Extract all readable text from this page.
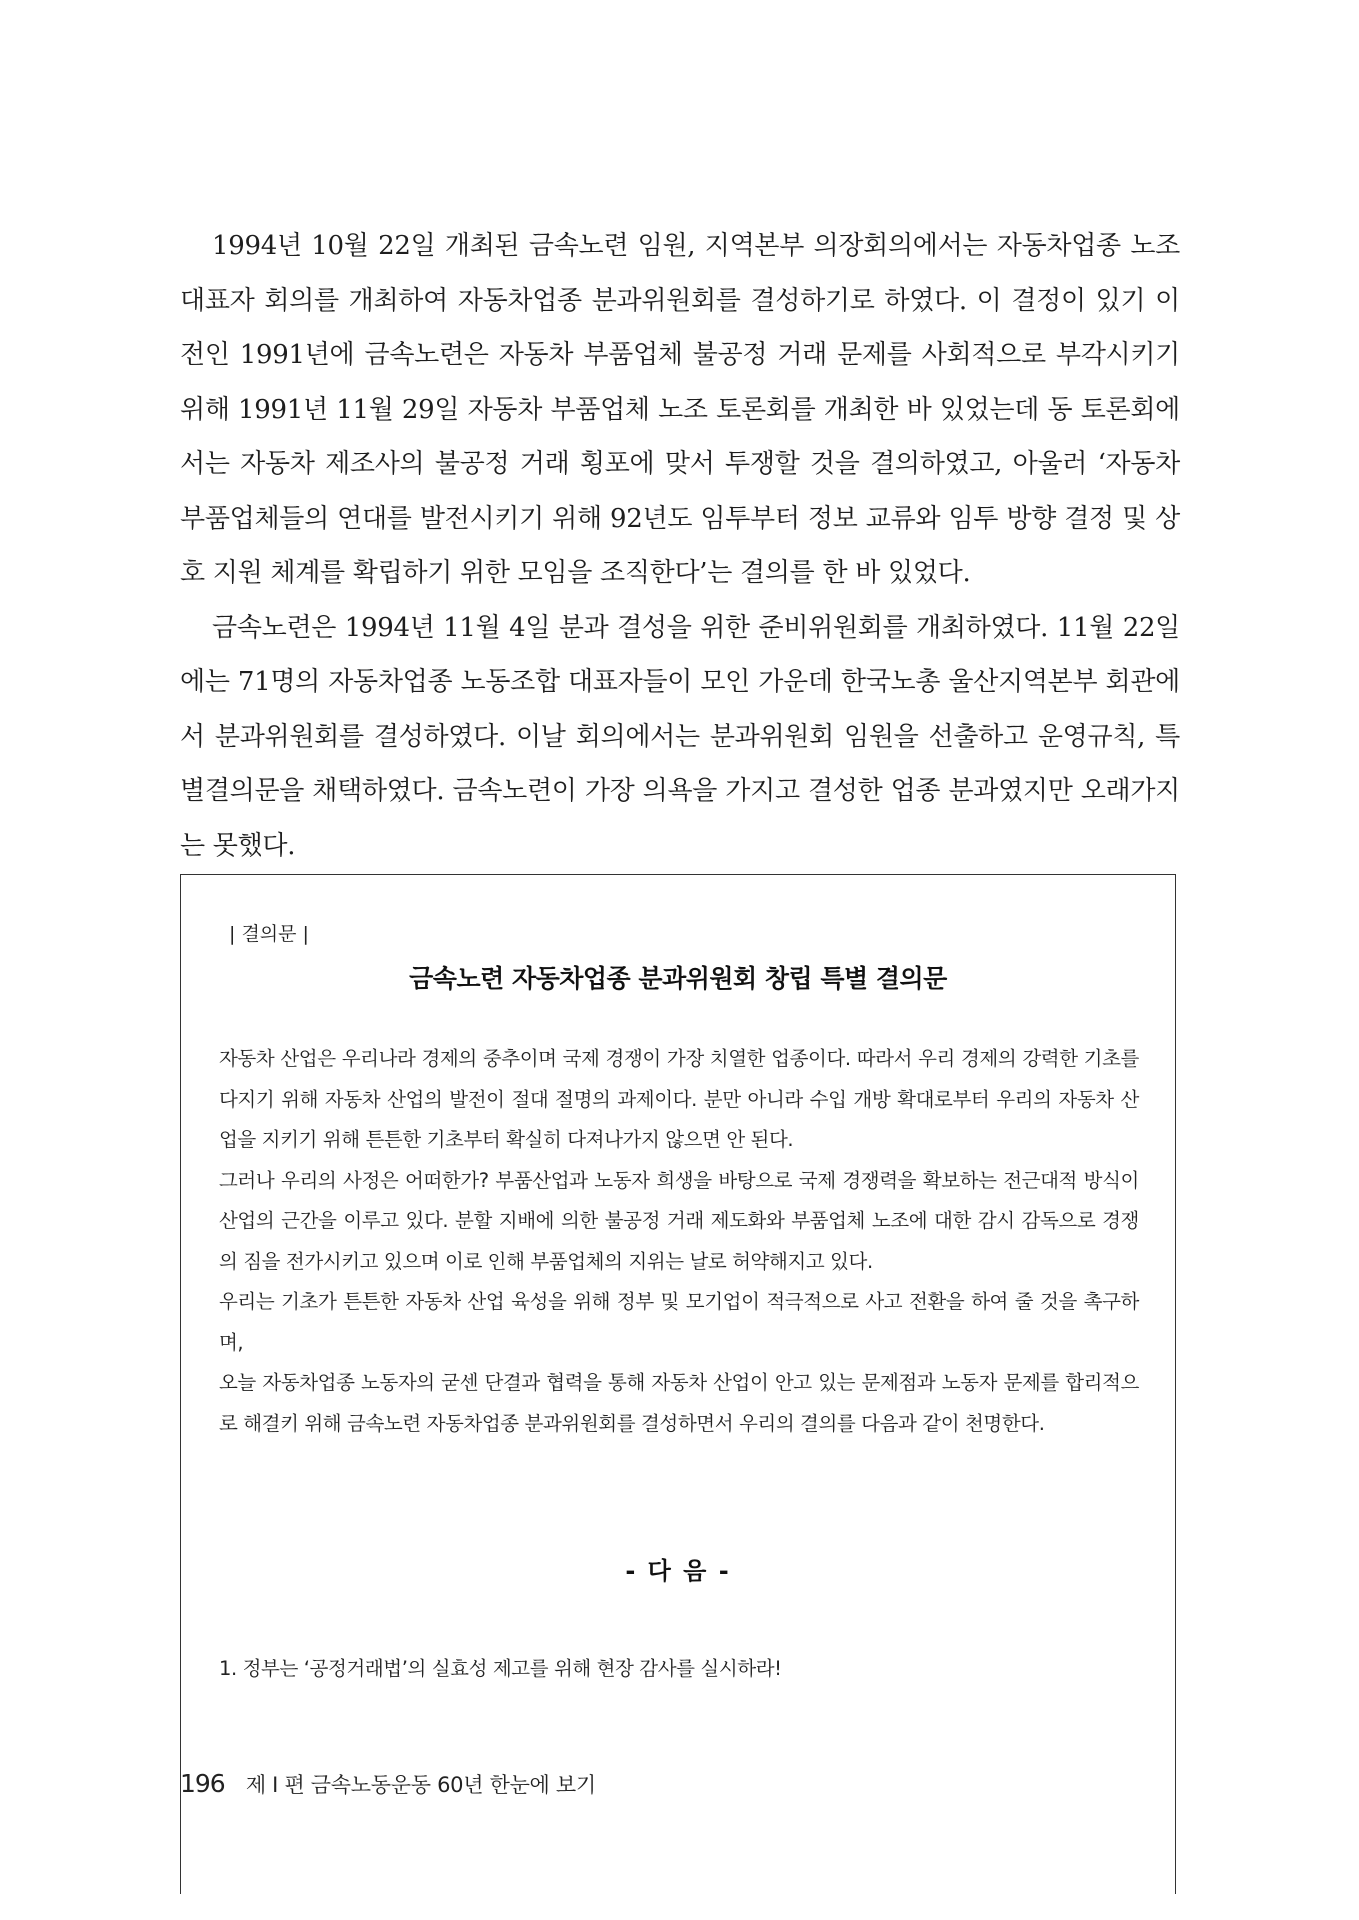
1994년 10월 22일 개최된 금속노련 임원, 지역본부 의장회의에서는 자동차업종 노조 대표자 회의를 개최하여 자동차업종 분과위원회를 결성하기로 하였다. 이 결정이 있기 이전인 1991년에 금속노련은 자동차 부품업체 불공정 거래 문제를 사회적으로 부각시키기 위해 1991년 11월 29일 자동차 부품업체 노조 토론회를 개최한 바 있었는데 동 토론회에서는 자동차 제조사의 불공정 거래 횡포에 맞서 투쟁할 것을 결의하였고, 아울러 ‘자동차 부품업체들의 연대를 발전시키기 위해 92년도 임투부터 정보 교류와 임투 방향 결정 및 상호 지원 체계를 확립하기 위한 모임을 조직한다’는 결의를 한 바 있었다.

금속노련은 1994년 11월 4일 분과 결성을 위한 준비위원회를 개최하였다. 11월 22일에는 71명의 자동차업종 노동조합 대표자들이 모인 가운데 한국노총 울산지역본부 회관에서 분과위원회를 결성하였다. 이날 회의에서는 분과위원회 임원을 선출하고 운영규칙, 특별결의문을 채택하였다. 금속노련이 가장 의욕을 가지고 결성한 업종 분과였지만 오래가지는 못했다.

| 결의문 |
금속노련 자동차업종 분과위원회 창립 특별 결의문

자동차 산업은 우리나라 경제의 중추이며 국제 경쟁이 가장 치열한 업종이다. 따라서 우리 경제의 강력한 기초를 다지기 위해 자동차 산업의 발전이 절대 절명의 과제이다. 분만 아니라 수입 개방 확대로부터 우리의 자동차 산업을 지키기 위해 튼튼한 기초부터 확실히 다져나가지 않으면 안 된다.

그러나 우리의 사정은 어떠한가? 부품산업과 노동자 희생을 바탕으로 국제 경쟁력을 확보하는 전근대적 방식이 산업의 근간을 이루고 있다. 분할 지배에 의한 불공정 거래 제도화와 부품업체 노조에 대한 감시 감독으로 경쟁의 짐을 전가시키고 있으며 이로 인해 부품업체의 지위는 날로 허약해지고 있다.

우리는 기초가 튼튼한 자동차 산업 육성을 위해 정부 및 모기업이 적극적으로 사고 전환을 하여 줄 것을 촉구하며,

오늘 자동차업종 노동자의 굳센 단결과 협력을 통해 자동차 산업이 안고 있는 문제점과 노동자 문제를 합리적으로 해결키 위해 금속노련 자동차업종 분과위원회를 결성하면서 우리의 결의를 다음과 같이 천명한다.

- 다 음 -
1. 정부는 ‘공정거래법’의 실효성 제고를 위해 현장 감사를 실시하라!
196 제 I 편 금속노동운동 60년 한눈에 보기
